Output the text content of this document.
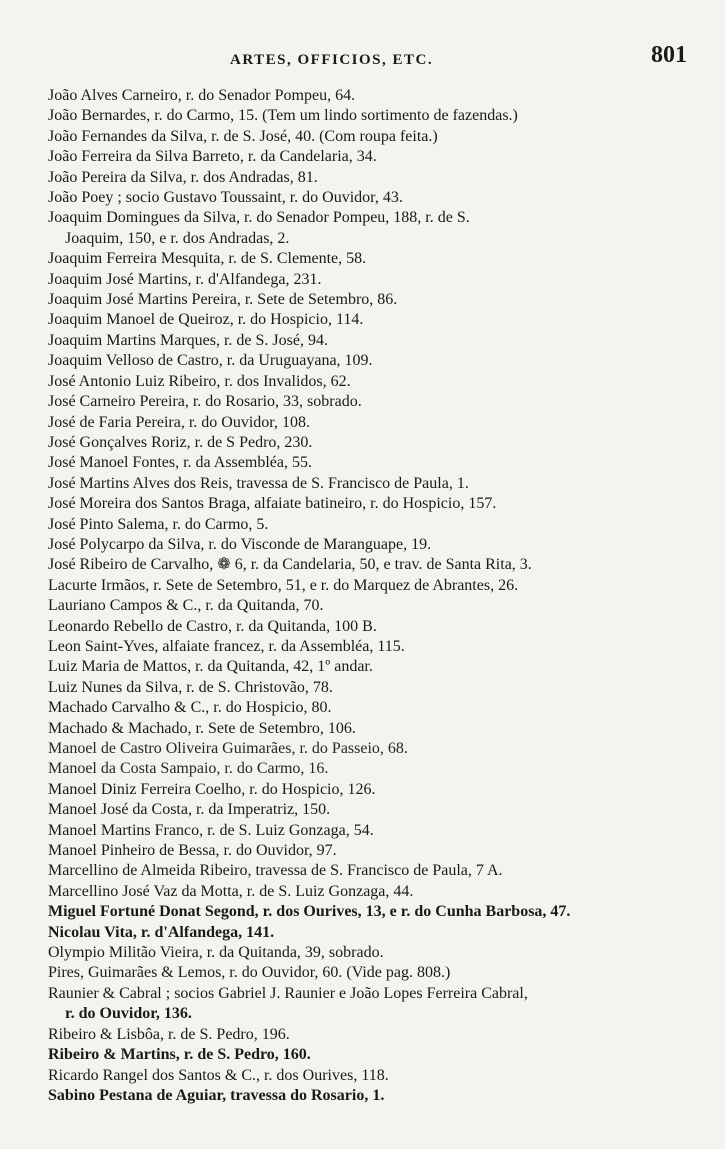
ARTES, OFFICIOS, ETC.	801
João Alves Carneiro, r. do Senador Pompeu, 64.
João Bernardes, r. do Carmo, 15. (Tem um lindo sortimento de fazendas.)
João Fernandes da Silva, r. de S. José, 40. (Com roupa feita.)
João Ferreira da Silva Barreto, r. da Candelaria, 34.
João Pereira da Silva, r. dos Andradas, 81.
João Poey ; socio Gustavo Toussaint, r. do Ouvidor, 43.
Joaquim Domingues da Silva, r. do Senador Pompeu, 188, r. de S.
Joaquim, 150, e r. dos Andradas, 2.
Joaquim Ferreira Mesquita, r. de S. Clemente, 58.
Joaquim José Martins, r. d'Alfandega, 231.
Joaquim José Martins Pereira, r. Sete de Setembro, 86.
Joaquim Manoel de Queiroz, r. do Hospicio, 114.
Joaquim Martins Marques, r. de S. José, 94.
Joaquim Velloso de Castro, r. da Uruguayana, 109.
José Antonio Luiz Ribeiro, r. dos Invalidos, 62.
José Carneiro Pereira, r. do Rosario, 33, sobrado.
José de Faria Pereira, r. do Ouvidor, 108.
José Gonçalves Roriz, r. de S Pedro, 230.
José Manoel Fontes, r. da Assembléa, 55.
José Martins Alves dos Reis, travessa de S. Francisco de Paula, 1.
José Moreira dos Santos Braga, alfaiate batineiro, r. do Hospicio, 157.
José Pinto Salema, r. do Carmo, 5.
José Polycarpo da Silva, r. do Visconde de Maranguape, 19.
José Ribeiro de Carvalho, ❁ 6, r. da Candelaria, 50, e trav. de Santa Rita, 3.
Lacurte Irmãos, r. Sete de Setembro, 51, e r. do Marquez de Abrantes, 26.
Lauriano Campos & C., r. da Quitanda, 70.
Leonardo Rebello de Castro, r. da Quitanda, 100 B.
Leon Saint-Yves, alfaiate francez, r. da Assembléa, 115.
Luiz Maria de Mattos, r. da Quitanda, 42, 1º andar.
Luiz Nunes da Silva, r. de S. Christovão, 78.
Machado Carvalho & C., r. do Hospicio, 80.
Machado & Machado, r. Sete de Setembro, 106.
Manoel de Castro Oliveira Guimarães, r. do Passeio, 68.
Manoel da Costa Sampaio, r. do Carmo, 16.
Manoel Diniz Ferreira Coelho, r. do Hospicio, 126.
Manoel José da Costa, r. da Imperatriz, 150.
Manoel Martins Franco, r. de S. Luiz Gonzaga, 54.
Manoel Pinheiro de Bessa, r. do Ouvidor, 97.
Marcellino de Almeida Ribeiro, travessa de S. Francisco de Paula, 7 A.
Marcellino José Vaz da Motta, r. de S. Luiz Gonzaga, 44.
Miguel Fortuné Donat Segond, r. dos Ourives, 13, e r. do Cunha Barbosa, 47.
Nicolau Vita, r. d'Alfandega, 141.
Olympio Militão Vieira, r. da Quitanda, 39, sobrado.
Pires, Guimarães & Lemos, r. do Ouvidor, 60. (Vide pag. 808.)
Raunier & Cabral ; socios Gabriel J. Raunier e João Lopes Ferreira Cabral,
r. do Ouvidor, 136.
Ribeiro & Lisbôa, r. de S. Pedro, 196.
Ribeiro & Martins, r. de S. Pedro, 160.
Ricardo Rangel dos Santos & C., r. dos Ourives, 118.
Sabino Pestana de Aguiar, travessa do Rosario, 1.
